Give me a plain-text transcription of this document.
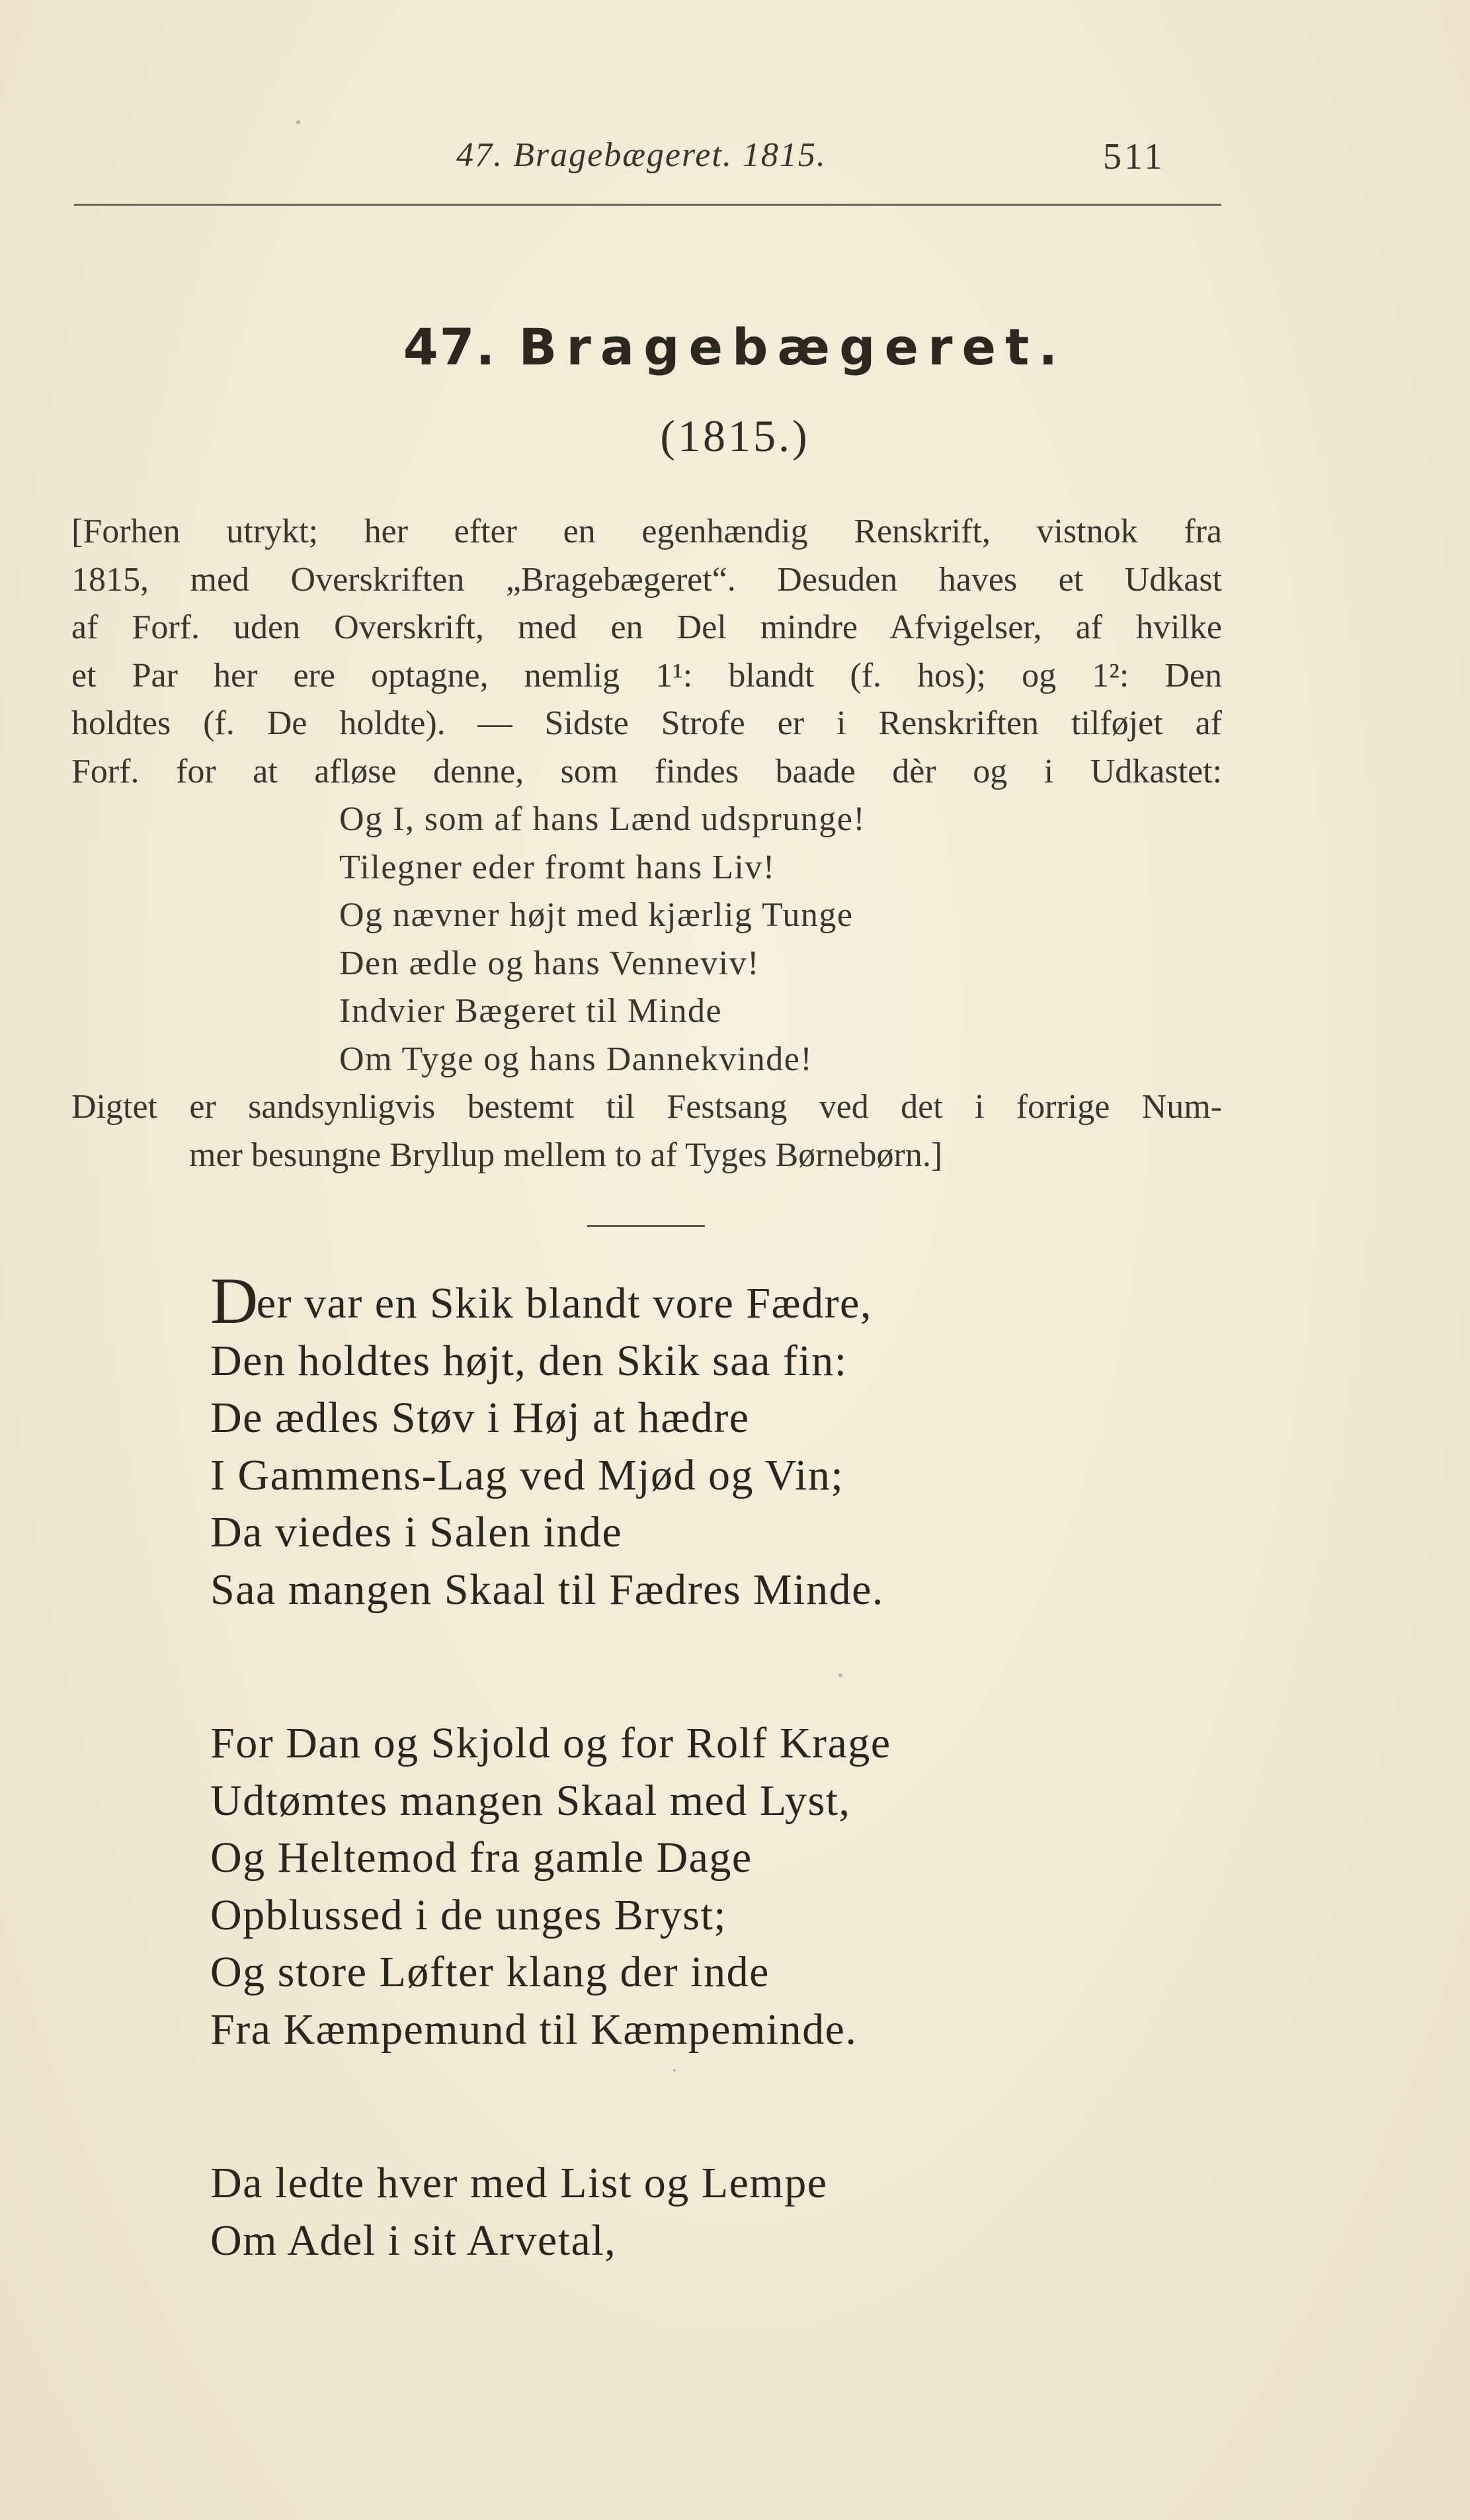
47. Bragebægeret. 1815.	511
47. Bragebægeret.
(1815.)
[Forhen utrykt; her efter en egenhændig Renskrift, vistnok fra
1815, med Overskriften „Bragebægeret“. Desuden haves et Udkast
af Forf. uden Overskrift, med en Del mindre Afvigelser, af hvilke
et Par her ere optagne, nemlig 1¹: blandt (f. hos); og 1²: Den
holdtes (f. De holdte). — Sidste Strofe er i Renskriften tilføjet af
Forf. for at afløse denne, som findes baade dèr og i Udkastet:
Og I, som af hans Lænd udsprunge!
Tilegner eder fromt hans Liv!
Og nævner højt med kjærlig Tunge
Den ædle og hans Venneviv!
Indvier Bægeret til Minde
Om Tyge og hans Dannekvinde!
Digtet er sandsynligvis bestemt til Festsang ved det i forrige Num-
mer besungne Bryllup mellem to af Tyges Børnebørn.]
Der var en Skik blandt vore Fædre,
Den holdtes højt, den Skik saa fin:
De ædles Støv i Høj at hædre
I Gammens-Lag ved Mjød og Vin;
Da viedes i Salen inde
Saa mangen Skaal til Fædres Minde.
For Dan og Skjold og for Rolf Krage
Udtømtes mangen Skaal med Lyst,
Og Heltemod fra gamle Dage
Opblussed i de unges Bryst;
Og store Løfter klang der inde
Fra Kæmpemund til Kæmpeminde.
Da ledte hver med List og Lempe
Om Adel i sit Arvetal,
